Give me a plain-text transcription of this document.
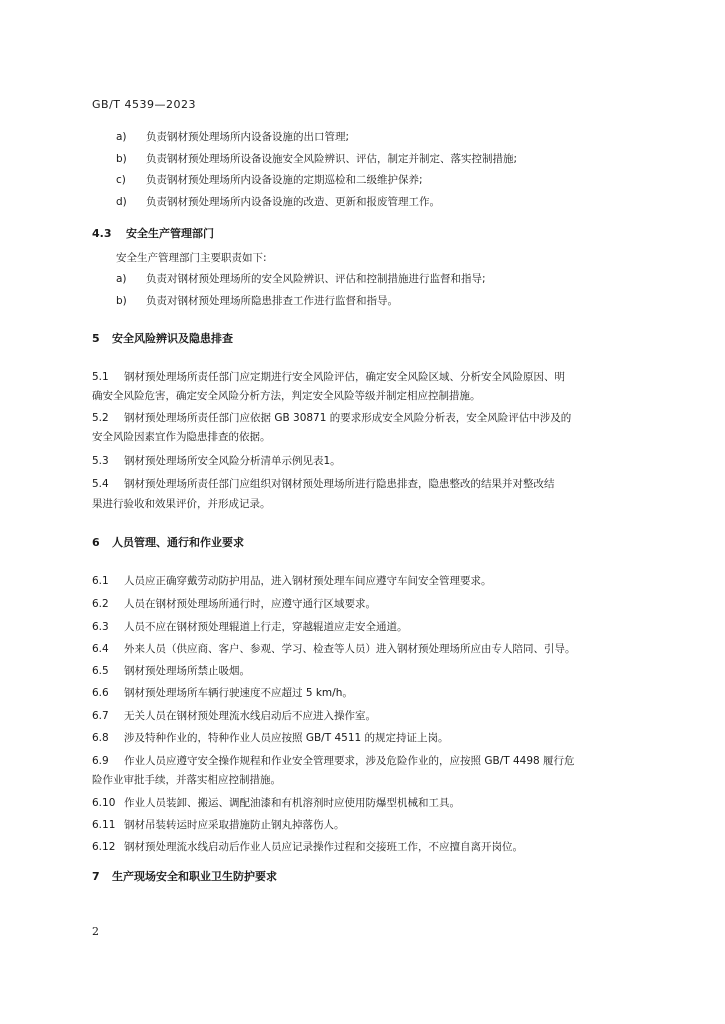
GB/T 4539—2023
a) 负责钢材预处理场所内设备设施的出口管理;
b) 负责钢材预处理场所设备设施安全风险辨识、评估，制定并制定、落实控制措施;
c) 负责钢材预处理场所内设备设施的定期巡检和二级维护保养;
d) 负责钢材预处理场所内设备设施的改造、更新和报废管理工作。
4.3 安全生产管理部门
安全生产管理部门主要职责如下:
a) 负责对钢材预处理场所的安全风险辨识、评估和控制措施进行监督和指导;
b) 负责对钢材预处理场所隐患排查工作进行监督和指导。
5 安全风险辨识及隐患排查
5.1 钢材预处理场所责任部门应定期进行安全风险评估，确定安全风险区域、分析安全风险原因、明
确安全风险危害，确定安全风险分析方法，判定安全风险等级并制定相应控制措施。
5.2 钢材预处理场所责任部门应依据 GB 30871 的要求形成安全风险分析表，安全风险评估中涉及的
安全风险因素宜作为隐患排查的依据。
5.3 钢材预处理场所安全风险分析清单示例见表1。
5.4 钢材预处理场所责任部门应组织对钢材预处理场所进行隐患排查，隐患整改的结果并对整改结
果进行验收和效果评价，并形成记录。
6 人员管理、通行和作业要求
6.1 人员应正确穿戴劳动防护用品，进入钢材预处理车间应遵守车间安全管理要求。
6.2 人员在钢材预处理场所通行时，应遵守通行区域要求。
6.3 人员不应在钢材预处理辊道上行走，穿越辊道应走安全通道。
6.4 外来人员（供应商、客户、参观、学习、检查等人员）进入钢材预处理场所应由专人陪同、引导。
6.5 钢材预处理场所禁止吸烟。
6.6 钢材预处理场所车辆行驶速度不应超过 5 km/h。
6.7 无关人员在钢材预处理流水线启动后不应进入操作室。
6.8 涉及特种作业的，特种作业人员应按照 GB/T 4511 的规定持证上岗。
6.9 作业人员应遵守安全操作规程和作业安全管理要求，涉及危险作业的，应按照 GB/T 4498 履行危
险作业审批手续，并落实相应控制措施。
6.10 作业人员装卸、搬运、调配油漆和有机溶剂时应使用防爆型机械和工具。
6.11 钢材吊装转运时应采取措施防止钢丸掉落伤人。
6.12 钢材预处理流水线启动后作业人员应记录操作过程和交接班工作，不应擅自离开岗位。
7 生产现场安全和职业卫生防护要求
2
